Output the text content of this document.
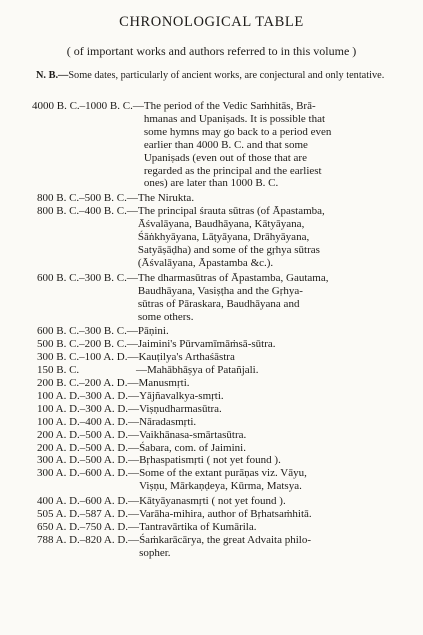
CHRONOLOGICAL TABLE
( of important works and authors referred to in this volume )
N. B.—Some dates, particularly of ancient works, are conjectural and only tentative.
4000 B. C.–1000 B. C.— The period of the Vedic Saṁhitās, Brā-
hmanas and Upaniṣads. It is possible that
some hymns may go back to a period even
earlier than 4000 B. C. and that some
Upaniṣads (even out of those that are
regarded as the principal and the earliest
ones) are later than 1000 B. C.
800 B. C.–500 B. C.— The Nirukta.
800 B. C.–400 B. C.— The principal śrauta sūtras (of Āpastamba,
Āśvalāyana, Baudhāyana, Kātyāyana,
Śāṅkhyāyana, Lāṭyāyana, Drāhyāyana,
Satyāṣāḍha) and some of the gṛhya sūtras
(Āśvalāyana, Āpastamba &c.).
600 B. C.–300 B. C.— The dharmasūtras of Āpastamba, Gautama,
Baudhāyana, Vasiṣṭha and the Gṛhya-
sūtras of Pāraskara, Baudhāyana and
some others.
600 B. C.–300 B. C.— Pāṇini.
500 B. C.–200 B. C.— Jaimini's Pūrvamīmāṁsā-sūtra.
300 B. C.–100 A. D.— Kauṭilya's Arthaśāstra
150 B. C.	—Mahābhāṣya of Patañjali.
200 B. C.–200 A. D.— Manusmṛti.
100 A. D.–300 A. D.— Yājñavalkya-smṛti.
100 A. D.–300 A. D.— Viṣṇudharmasūtra.
100 A. D.–400 A. D.— Nāradasmṛti.
200 A. D.–500 A. D.— Vaikhānasa-smārtasūtra.
200 A. D.–500 A. D.— Śabara, com. of Jaimini.
300 A. D.–500 A. D.— Bṛhaspatismṛti ( not yet found ).
300 A. D.–600 A. D.— Some of the extant purāṇas viz. Vāyu,
Viṣṇu, Mārkaṇḍeya, Kūrma, Matsya.
400 A. D.–600 A. D.— Kātyāyanasmṛti ( not yet found ).
505 A. D.–587 A. D.— Varāha-mihira, author of Bṛhatsaṁhitā.
650 A. D.–750 A. D.— Tantravārtika of Kumārila.
788 A. D.–820 A. D.— Śaṁkarācārya, the great Advaita philo-
sopher.
